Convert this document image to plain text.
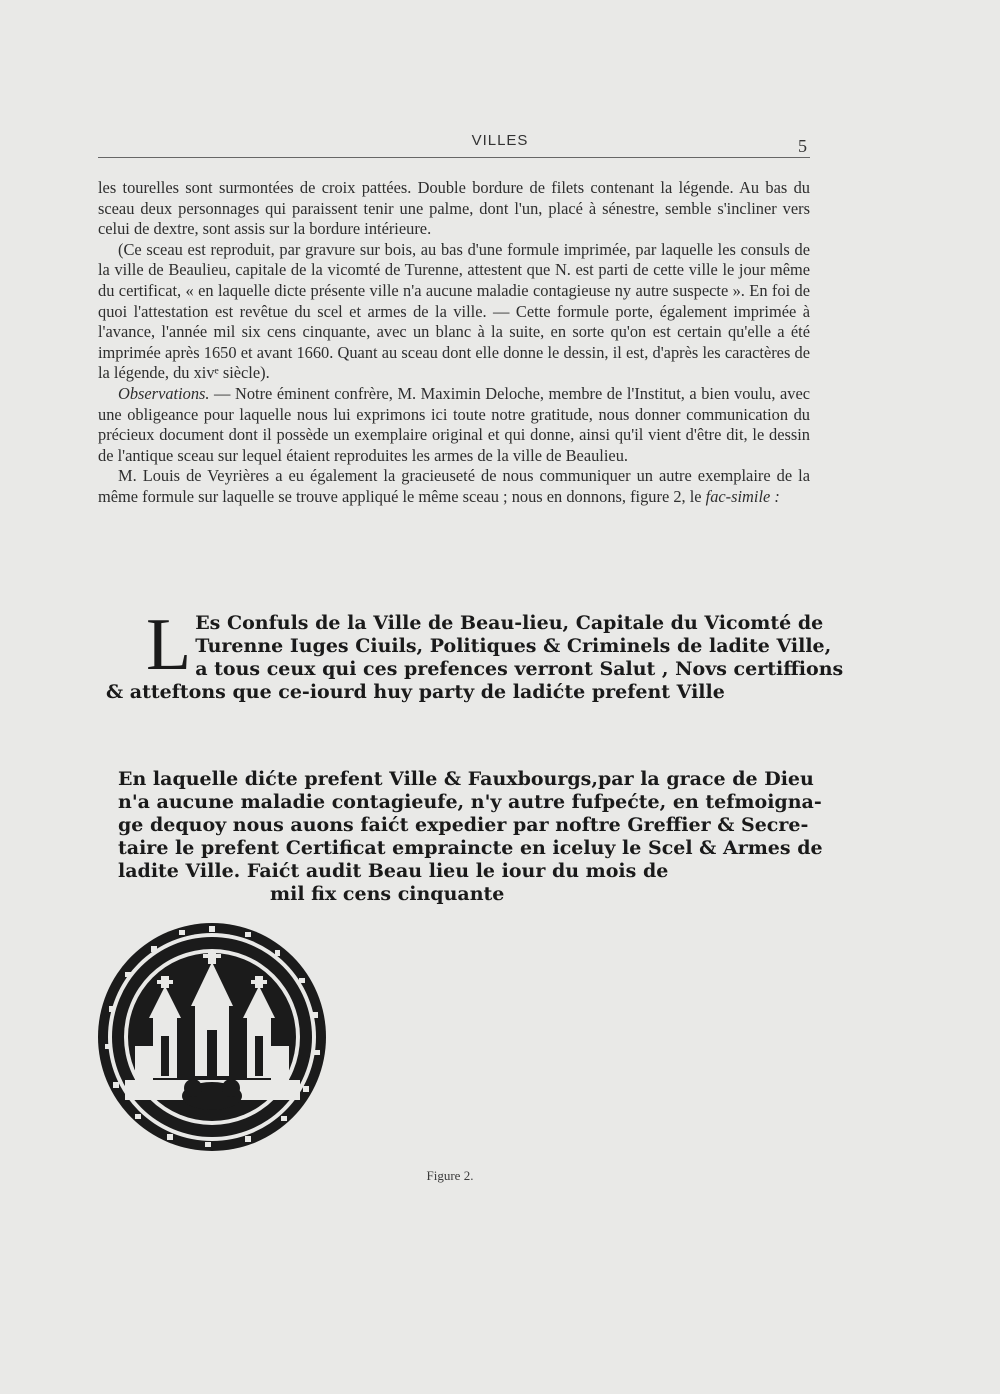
VILLES	5

les tourelles sont surmontées de croix pattées. Double bordure de filets contenant la légende. Au bas du sceau deux personnages qui paraissent tenir une palme, dont l'un, placé à sénestre, semble s'incliner vers celui de dextre, sont assis sur la bordure intérieure.

(Ce sceau est reproduit, par gravure sur bois, au bas d'une formule imprimée, par laquelle les consuls de la ville de Beaulieu, capitale de la vicomté de Turenne, attestent que N. est parti de cette ville le jour même du certificat, « en laquelle dicte présente ville n'a aucune maladie contagieuse ny autre suspecte ». En foi de quoi l'attestation est revêtue du scel et armes de la ville. — Cette formule porte, également imprimée à l'avance, l'année mil six cens cinquante, avec un blanc à la suite, en sorte qu'on est certain qu'elle a été imprimée après 1650 et avant 1660. Quant au sceau dont elle donne le dessin, il est, d'après les caractères de la légende, du xivᵉ siècle).

Observations. — Notre éminent confrère, M. Maximin Deloche, membre de l'Institut, a bien voulu, avec une obligeance pour laquelle nous lui exprimons ici toute notre gratitude, nous donner communication du précieux document dont il possède un exemplaire original et qui donne, ainsi qu'il vient d'être dit, le dessin de l'antique sceau sur lequel étaient reproduites les armes de la ville de Beaulieu.

M. Louis de Veyrières a eu également la gracieuseté de nous communiquer un autre exemplaire de la même formule sur laquelle se trouve appliqué le même sceau ; nous en donnons, figure 2, le fac-simile :

L Es Confuls de la Ville de Beau-lieu, Capitale du Vicomté de
Turenne Iuges Ciuils, Politiques & Criminels de ladite Ville,
a tous ceux qui ces prefences verront Salut , Novs certiffions
& atteftons que ce-iourd huy party de ladićte prefent Ville
En laquelle dićte prefent Ville & Fauxbourgs,par la grace de Dieu
n'a aucune maladie contagieufe, n'y autre fufpećte, en tefmoigna-
ge dequoy nous auons faićt expedier par noftre Greffier & Secre-
taire le prefent Certificat empraincte en iceluy le Scel & Armes de
ladite Ville. Faićt audit Beau lieu le iour du mois de
mil fix cens cinquante
Figure 2.
